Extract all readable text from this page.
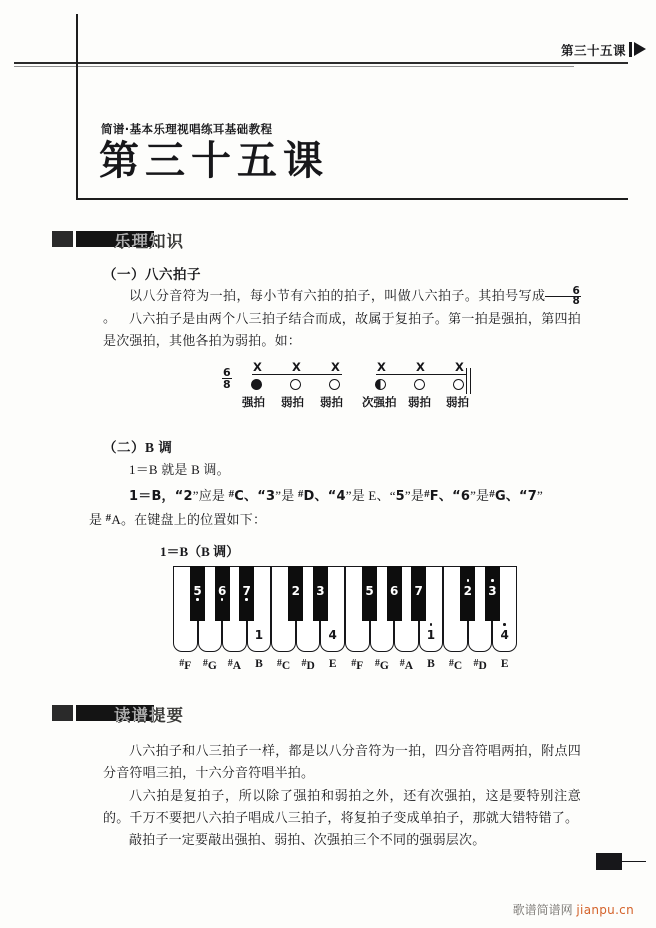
第三十五课
简谱·基本乐理视唱练耳基础教程
第三十五课
乐理知识
（一）八六拍子
以八分音符为一拍，每小节有六拍的拍子，叫做八六拍子。其拍号写成 $\frac{6}{8}$
。 八六拍子是由两个八三拍子结合而成，故属于复拍子。第一拍是强拍，第四拍是次强拍，其他各拍为弱拍。如：
$\frac{6}{8}$ X	X	X
强拍 弱拍 弱拍
X	X	X
次强拍 弱拍 弱拍
（二）B 调
1＝B 就是 B 调。
1＝B，“2”应是 #C、“3”是 #D、“4”是 E、“5”是#F、“6”是#G、“7”
是 #A。在键盘上的位置如下：
1＝B（B 调）
1	4	1	4
5 6 7	2 3	5 6 7	2 3
#F	#G	#A	B	#C	#D	E	#F	#G	#A	B	#C	#D	E
读谱提要
八六拍子和八三拍子一样，都是以八分音符为一拍，四分音符唱两拍，附点四分音符唱三拍，十六分音符唱半拍。
八六拍是复拍子，所以除了强拍和弱拍之外，还有次强拍，这是要特别注意的。千万不要把八六拍子唱成八三拍子，将复拍子变成单拍子，那就大错特错了。
敲拍子一定要敲出强拍、弱拍、次强拍三个不同的强弱层次。
歌谱简谱网 jianpu.cn
